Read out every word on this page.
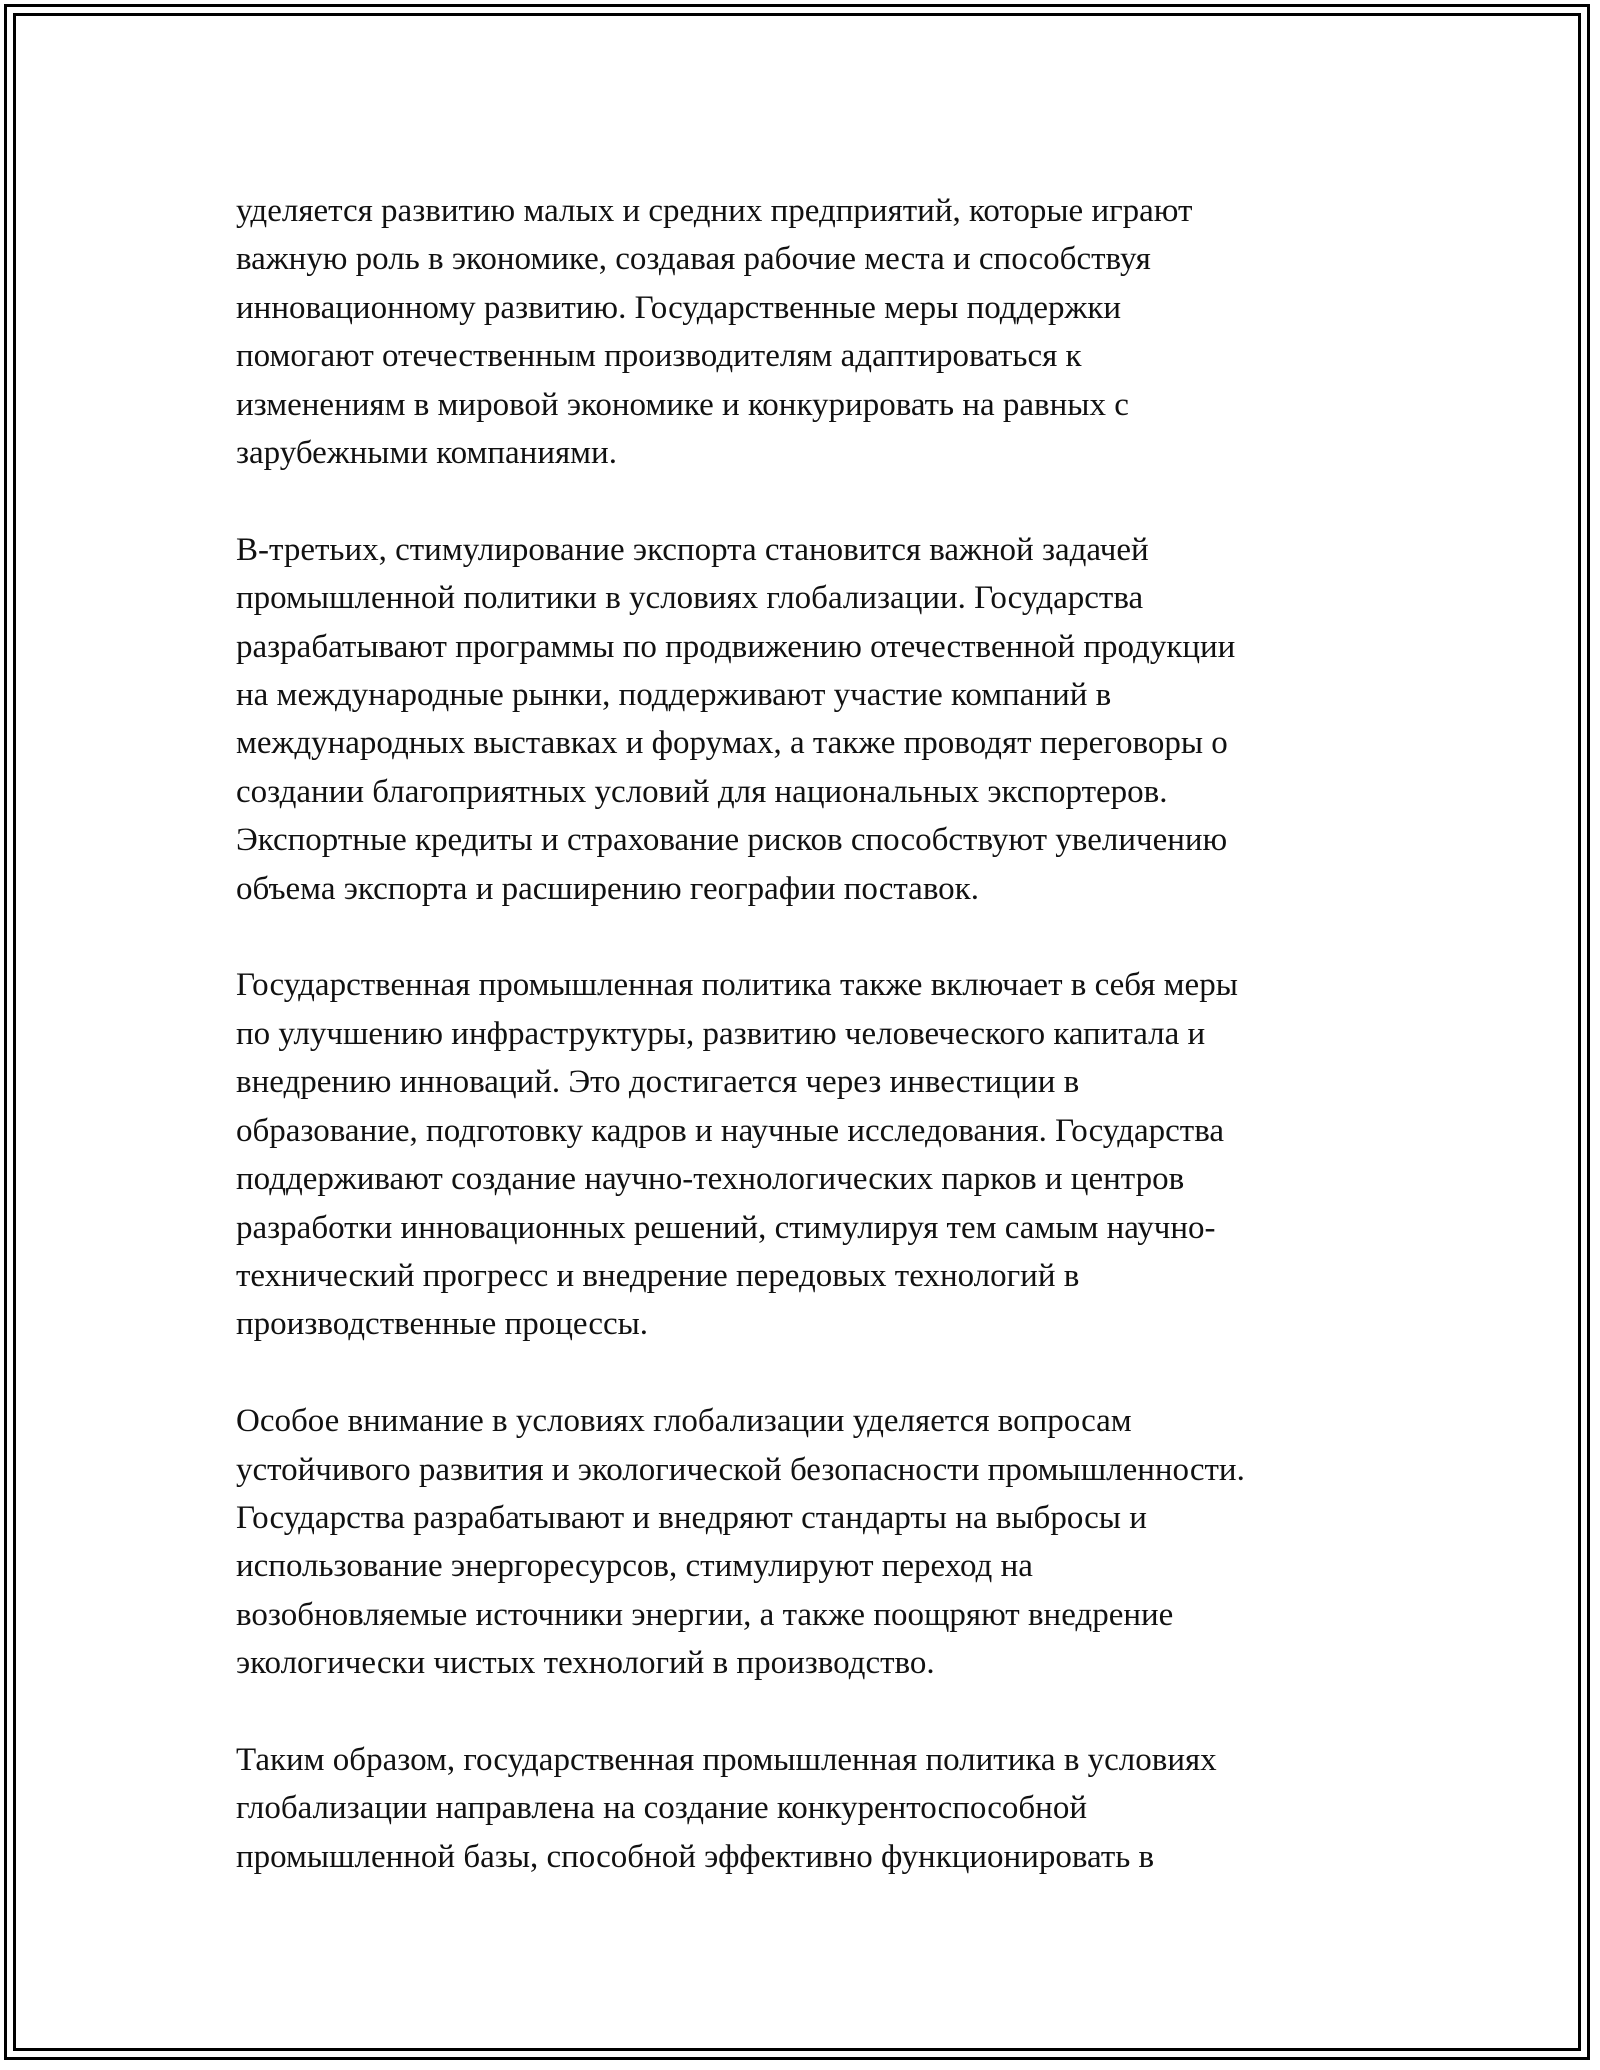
уделяется развитию малых и средних предприятий, которые играют
важную роль в экономике, создавая рабочие места и способствуя
инновационному развитию. Государственные меры поддержки
помогают отечественным производителям адаптироваться к
изменениям в мировой экономике и конкурировать на равных с
зарубежными компаниями.

В-третьих, стимулирование экспорта становится важной задачей
промышленной политики в условиях глобализации. Государства
разрабатывают программы по продвижению отечественной продукции
на международные рынки, поддерживают участие компаний в
международных выставках и форумах, а также проводят переговоры о
создании благоприятных условий для национальных экспортеров.
Экспортные кредиты и страхование рисков способствуют увеличению
объема экспорта и расширению географии поставок.

Государственная промышленная политика также включает в себя меры
по улучшению инфраструктуры, развитию человеческого капитала и
внедрению инноваций. Это достигается через инвестиции в
образование, подготовку кадров и научные исследования. Государства
поддерживают создание научно-технологических парков и центров
разработки инновационных решений, стимулируя тем самым научно-
технический прогресс и внедрение передовых технологий в
производственные процессы.

Особое внимание в условиях глобализации уделяется вопросам
устойчивого развития и экологической безопасности промышленности.
Государства разрабатывают и внедряют стандарты на выбросы и
использование энергоресурсов, стимулируют переход на
возобновляемые источники энергии, а также поощряют внедрение
экологически чистых технологий в производство.

Таким образом, государственная промышленная политика в условиях
глобализации направлена на создание конкурентоспособной
промышленной базы, способной эффективно функционировать в
